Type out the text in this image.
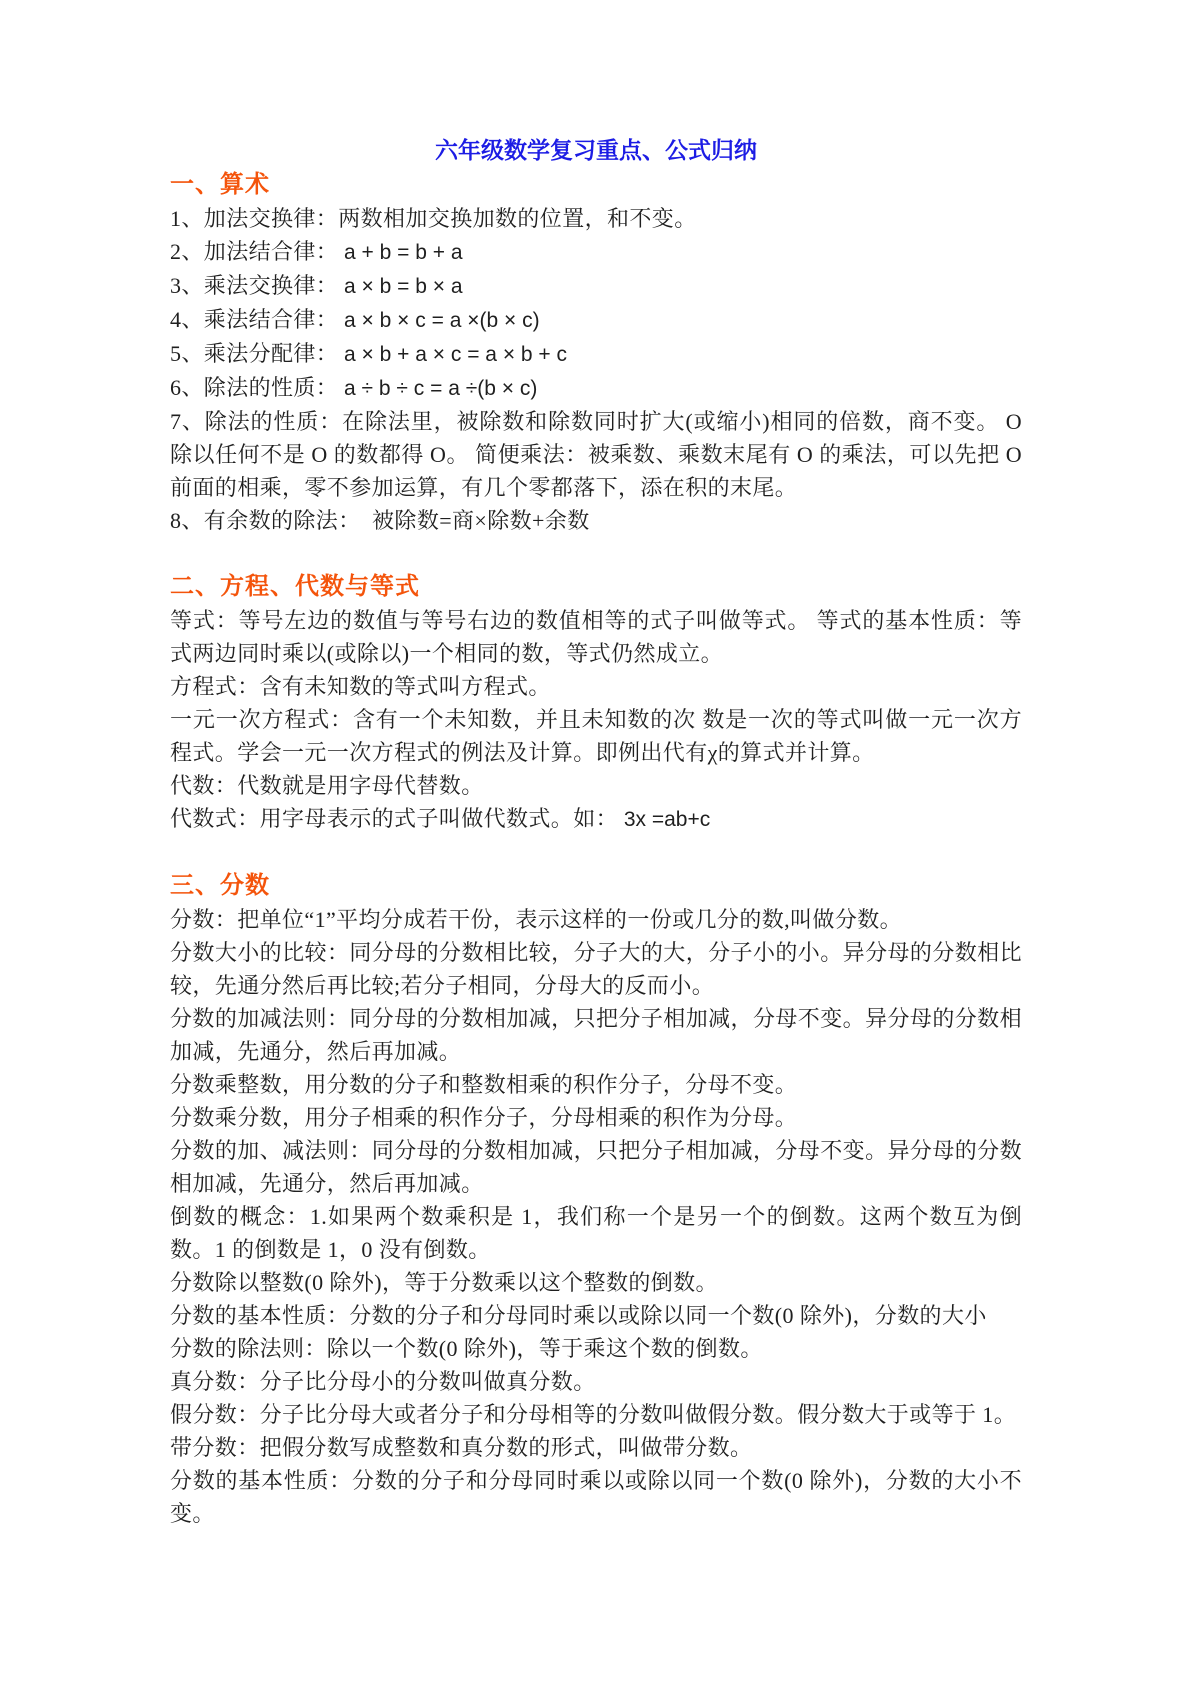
六年级数学复习重点、公式归纳
一、算术

1、加法交换律：两数相加交换加数的位置，和不变。

2、加法结合律： a + b = b + a

3、乘法交换律： a × b = b × a

4、乘法结合律： a × b × c = a ×(b × c)

5、乘法分配律： a × b + a × c = a × b + c

6、除法的性质： a ÷ b ÷ c = a ÷(b × c)

7、除法的性质：在除法里，被除数和除数同时扩大(或缩小)相同的倍数，商不变。 O 除以任何不是 O 的数都得 O。 简便乘法：被乘数、乘数末尾有 O 的乘法，可以先把 O 前面的相乘，零不参加运算，有几个零都落下，添在积的末尾。

8、有余数的除法：　被除数=商×除数+余数

二、方程、代数与等式

等式：等号左边的数值与等号右边的数值相等的式子叫做等式。 等式的基本性质：等式两边同时乘以(或除以)一个相同的数，等式仍然成立。

方程式：含有未知数的等式叫方程式。

一元一次方程式：含有一个未知数，并且未知数的次 数是一次的等式叫做一元一次方程式。学会一元一次方程式的例法及计算。即例出代有χ的算式并计算。

代数：代数就是用字母代替数。

代数式：用字母表示的式子叫做代数式。如： 3x =ab+c

三、分数

分数：把单位“1”平均分成若干份，表示这样的一份或几分的数,叫做分数。

分数大小的比较：同分母的分数相比较，分子大的大，分子小的小。异分母的分数相比较，先通分然后再比较;若分子相同，分母大的反而小。

分数的加减法则：同分母的分数相加减，只把分子相加减，分母不变。异分母的分数相加减，先通分，然后再加减。

分数乘整数，用分数的分子和整数相乘的积作分子，分母不变。

分数乘分数，用分子相乘的积作分子，分母相乘的积作为分母。

分数的加、减法则：同分母的分数相加减，只把分子相加减，分母不变。异分母的分数相加减，先通分，然后再加减。

倒数的概念：1.如果两个数乘积是 1，我们称一个是另一个的倒数。这两个数互为倒数。1 的倒数是 1，0 没有倒数。

分数除以整数(0 除外)，等于分数乘以这个整数的倒数。

分数的基本性质：分数的分子和分母同时乘以或除以同一个数(0 除外)，分数的大小

分数的除法则：除以一个数(0 除外)，等于乘这个数的倒数。

真分数：分子比分母小的分数叫做真分数。

假分数：分子比分母大或者分子和分母相等的分数叫做假分数。假分数大于或等于 1。

带分数：把假分数写成整数和真分数的形式，叫做带分数。

分数的基本性质：分数的分子和分母同时乘以或除以同一个数(0 除外)，分数的大小不变。
